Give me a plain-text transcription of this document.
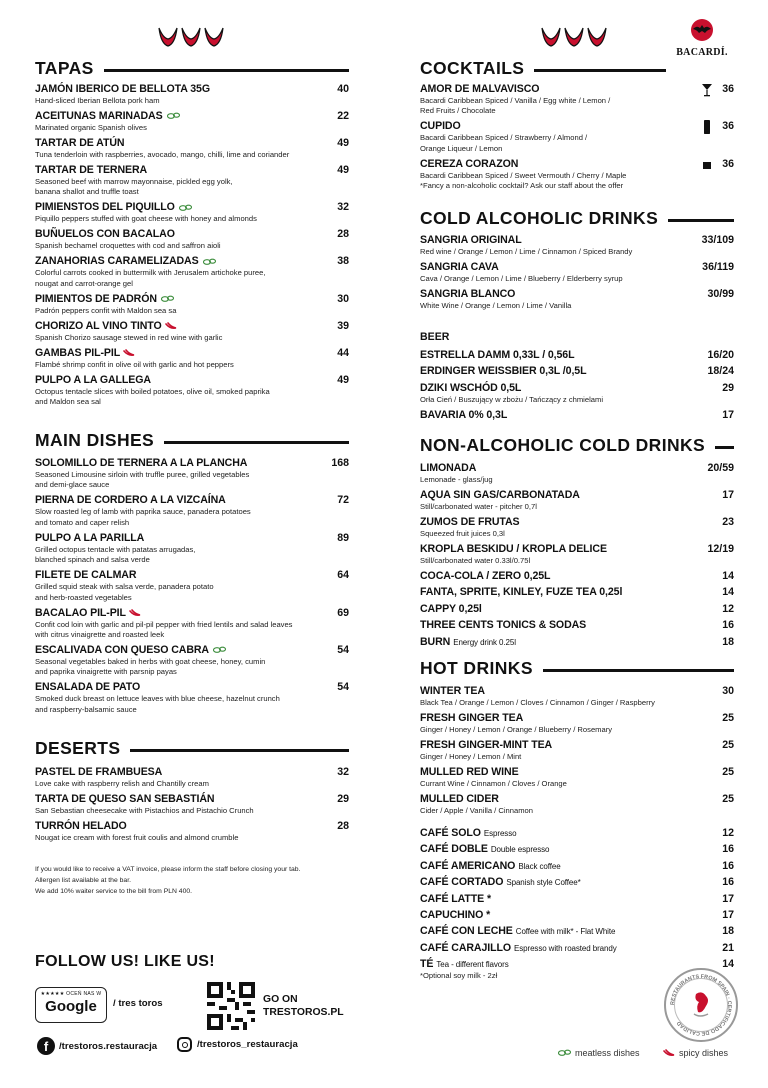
TAPAS
JAMÓN IBERICO DE BELLOTA 35G	40
Hand-sliced Iberian Bellota pork ham
ACEITUNAS MARINADAS	22
Marinated organic Spanish olives
TARTAR DE ATÚN	49
Tuna tenderloin with raspberries, avocado, mango, chilli, lime and coriander
TARTAR DE TERNERA	49
Seasoned beef with marrow mayonnaise, pickled egg yolk,
banana shallot and truffle toast
PIMIENSTOS DEL PIQUILLO	32
Piquillo peppers stuffed with goat cheese with honey and almonds
BUÑUELOS CON BACALAO	28
Spanish bechamel croquettes with cod and saffron aioli
ZANAHORIAS CARAMELIZADAS	38
Colorful carrots cooked in buttermilk with Jerusalem artichoke puree,
nougat and carrot-orange gel
PIMIENTOS DE PADRÓN	30
Padrón peppers confit with Maldon sea sa
CHORIZO AL VINO TINTO	39
Spanish Chorizo sausage stewed in red wine with garlic
GAMBAS PIL-PIL	44
Flambé shrimp confit in olive oil with garlic and hot peppers
PULPO A LA GALLEGA	49
Octopus tentacle slices with boiled potatoes, olive oil, smoked paprika
and Maldon sea sal
MAIN DISHES
SOLOMILLO DE TERNERA A LA PLANCHA	168
Seasoned Limousine sirloin with truffle puree, grilled vegetables
and demi-glace sauce
PIERNA DE CORDERO A LA VIZCAÍNA	72
Slow roasted leg of lamb with paprika sauce, panadera potatoes
and tomato and caper relish
PULPO A LA PARILLA	89
Grilled octopus tentacle with patatas arrugadas,
blanched spinach and salsa verde
FILETE DE CALMAR	64
Grilled squid steak with salsa verde, panadera potato
and herb-roasted vegetables
BACALAO PIL-PIL	69
Confit cod loin with garlic and pil-pil pepper with fried lentils and salad leaves
with citrus vinaigrette and roasted leek
ESCALIVADA CON QUESO CABRA	54
Seasonal vegetables baked in herbs with goat cheese, honey, cumin
and paprika vinaigrette with parsnip payas
ENSALADA DE PATO	54
Smoked duck breast on lettuce leaves with blue cheese, hazelnut crunch
and raspberry-balsamic sauce
DESERTS
PASTEL DE FRAMBUESA	32
Love cake with raspberry relish and Chantilly cream
TARTA DE QUESO SAN SEBASTIÁN	29
San Sebastian cheesecake with Pistachios and Pistachio Crunch
TURRÓN HELADO	28
Nougat ice cream with forest fruit coulis and almond crumble
If you would like to receive a VAT invoice, please inform the staff before closing your tab.
Allergen list available at the bar.
We add 10% waiter service to the bill from PLN 400.
FOLLOW US! LIKE US!
★★★★★ OCEŃ NAS W
Google	/ tres toros	GO ON
TRESTOROS.PL
f	/trestoros.restauracja	/trestoros_restauracja
BACARDÍ.
COCKTAILS
AMOR DE MALVAVISCO	36
Bacardi Caribbean Spiced / Vanilla / Egg white / Lemon /
Red Fruits / Chocolate
CUPIDO	36
Bacardi Caribbean Spiced / Strawberry / Almond /
Orange Liqueur / Lemon
CEREZA CORAZON	36
Bacardi Caribbean Spiced / Sweet Vermouth / Cherry / Maple
*Fancy a non-alcoholic cocktail? Ask our staff about the offer
COLD ALCOHOLIC DRINKS
SANGRIA ORIGINAL	33/109
Red wine / Orange / Lemon / Lime / Cinnamon / Spiced Brandy
SANGRIA CAVA	36/119
Cava / Orange / Lemon / Lime / Blueberry / Elderberry syrup
SANGRIA BLANCO	30/99
White Wine / Orange / Lemon / Lime / Vanilla
BEER
ESTRELLA DAMM 0,33L / 0,56L	16/20
ERDINGER WEISSBIER 0,3L /0,5L	18/24
DZIKI WSCHÓD 0,5L	29
Orła Cień / Buszujący w zbożu / Tańczący z chmielami
BAVARIA 0% 0,3L	17
NON-ALCOHOLIC COLD DRINKS
LIMONADA	20/59
Lemonade - glass/jug
AQUA SIN GAS/CARBONATADA	17
Still/carbonated water - pitcher 0,7l
ZUMOS DE FRUTAS	23
Squeezed fruit juices 0,3l
KROPLA BESKIDU / KROPLA DELICE	12/19
Still/carbonated water 0.33l/0.75l
COCA-COLA / ZERO 0,25L	14
FANTA, SPRITE, KINLEY, FUZE TEA 0,25l	14
CAPPY 0,25l	12
THREE CENTS TONICS & SODAS	16
BURN Energy drink 0.25l	18
HOT DRINKS
WINTER TEA	30
Black Tea / Orange / Lemon / Cloves / Cinnamon / Ginger / Raspberry
FRESH GINGER TEA	25
Ginger / Honey / Lemon / Orange / Blueberry / Rosemary
FRESH GINGER-MINT TEA	25
Ginger / Honey / Lemon / Mint
MULLED RED WINE	25
Currant Wine / Cinnamon / Cloves / Orange
MULLED CIDER	25
Cider / Apple / Vanilla / Cinnamon
CAFÉ SOLO Espresso	12
CAFÉ DOBLE Double espresso	16
CAFÉ AMERICANO Black coffee	16
CAFÉ CORTADO Spanish style Coffee*	16
CAFÉ LATTE *	17
CAPUCHINO *	17
CAFÉ CON LECHE Coffee with milk* - Flat White	18
CAFÉ CARAJILLO Espresso with roasted brandy	21
TÉ Tea - different flavors	14
*Optional soy milk - 2zł
RESTAURANTS FROM SPAIN · CERTIFICADO DE CALIDAD
meatless dishes	spicy dishes
